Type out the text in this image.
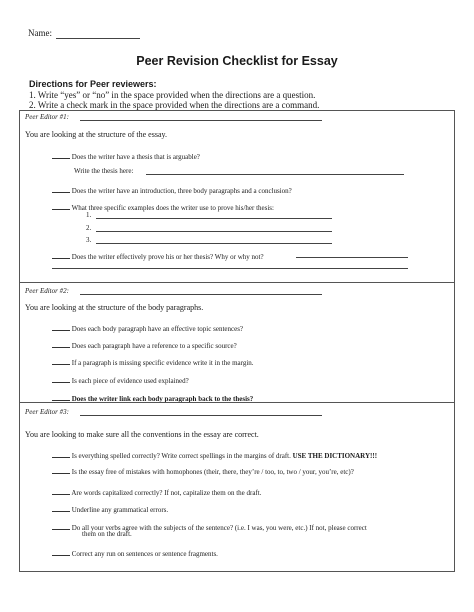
Name:
Peer Revision Checklist for Essay
Directions for Peer reviewers:
1. Write “yes” or “no” in the space provided when the directions are a question.
2. Write a check mark in the space provided when the directions are a command.
Peer Editor #1:
You are looking at the structure of the essay.
Does the writer have a thesis that is arguable?
Write the thesis here:
Does the writer have an introduction, three body paragraphs and a conclusion?
What three specific examples does the writer use to prove his/her thesis:
1.
2.
3.
Does the writer effectively prove his or her thesis? Why or why not?
Peer Editor #2:
You are looking at the structure of the body paragraphs.
Does each body paragraph have an effective topic sentences?
Does each paragraph have a reference to a specific source?
If a paragraph is missing specific evidence write it in the margin.
Is each piece of evidence used explained?
Does the writer link each body paragraph back to the thesis?
Peer Editor #3:
You are looking to make sure all the conventions in the essay are correct.
Is everything spelled correctly? Write correct spellings in the margins of draft. USE THE DICTIONARY!!!
Is the essay free of mistakes with homophones (their, there, they’re / too, to, two / your, you’re, etc)?
Are words capitalized correctly? If not, capitalize them on the draft.
Underline any grammatical errors.
Do all your verbs agree with the subjects of the sentence? (i.e. I was, you were, etc.) If not, please correct
them on the draft.
Correct any run on sentences or sentence fragments.
